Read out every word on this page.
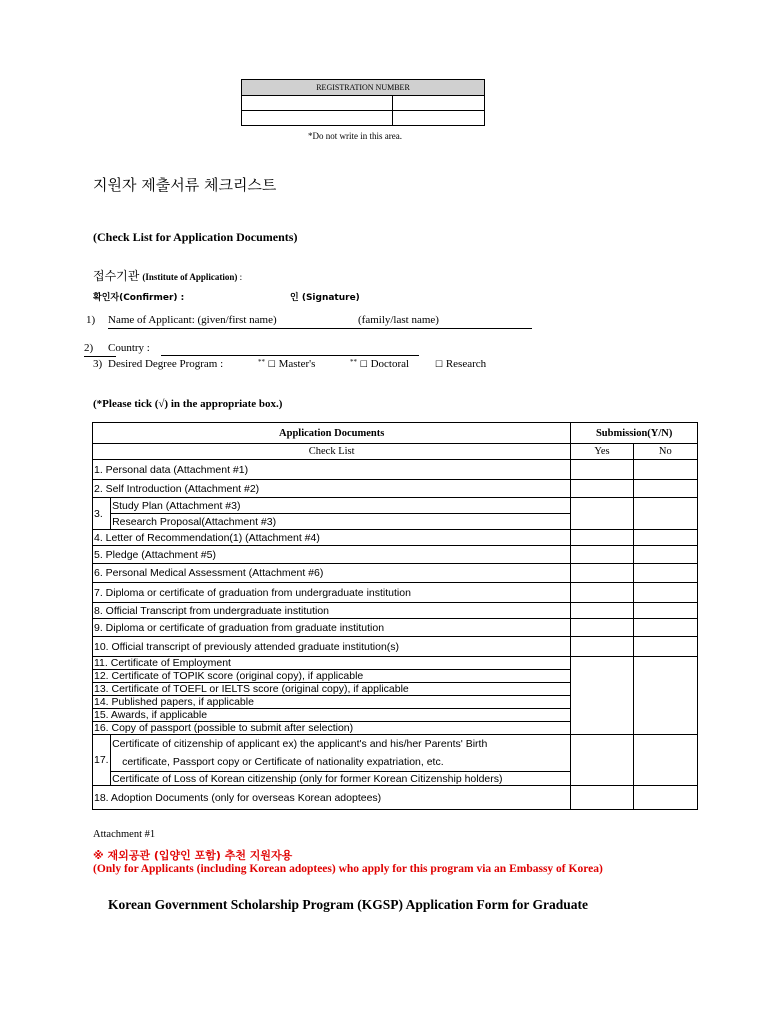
REGISTRATION NUMBER	

*Do not write in this area.
지원자 제출서류 체크리스트
(Check List for Application Documents)
접수기관 (Institute of Application) :
확인자(Confirmer) :	인 (Signature)
1) Name of Applicant: (given/first name)	(family/last name)
2)	Country :
3) Desired Degree Program :	** ☐ Master's	** ☐ Doctoral	☐ Research
(*Please tick (√) in the appropriate box.)
Application Documents		Submission(Y/N)	
Check List		Yes	No
1. Personal data (Attachment #1)			
2. Self Introduction (Attachment #2)			
3.	Study Plan (Attachment #3)		
	Research Proposal(Attachment #3)		
4. Letter of Recommendation(1) (Attachment #4)			
5. Pledge (Attachment #5)			
6. Personal Medical Assessment (Attachment #6)			
7. Diploma or certificate of graduation from undergraduate institution			
8. Official Transcript from undergraduate institution			
9. Diploma or certificate of graduation from graduate institution			
10. Official transcript of previously attended graduate institution(s)			
11. Certificate of Employment			
12. Certificate of TOPIK score (original copy), if applicable			
13. Certificate of TOEFL or IELTS score (original copy), if applicable			
14. Published papers, if applicable			
15. Awards, if applicable			
16. Copy of passport (possible to submit after selection)			
17.	Certificate of citizenship of applicant ex) the applicant's and his/her Parents' Birth
certificate, Passport copy or Certificate of nationality expatriation, etc.		

	Certificate of Loss of Korean citizenship (only for former Korean Citizenship holders)		
18. Adoption Documents (only for overseas Korean adoptees)			
Attachment #1
※ 재외공관 (입양인 포함) 추천 지원자용
(Only for Applicants (including Korean adoptees) who apply for this program via an Embassy of Korea)
Korean Government Scholarship Program (KGSP) Application Form for Graduate
